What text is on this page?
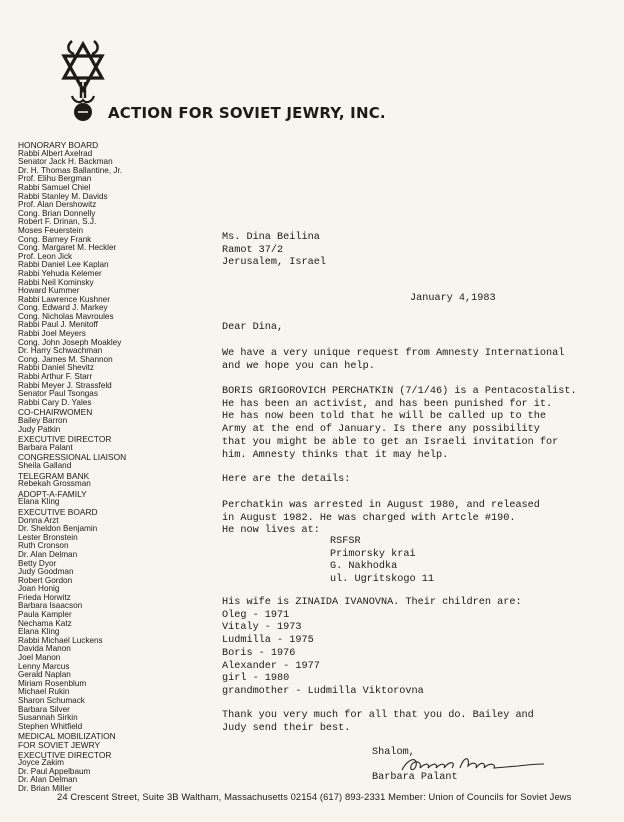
ACTION FOR SOVIET JEWRY, INC.
HONORARY BOARD
Rabbi Albert Axelrad
Senator Jack H. Backman
Dr. H. Thomas Ballantine, Jr.
Prof. Elihu Bergman
Rabbi Samuel Chiel
Rabbi Stanley M. Davids
Prof. Alan Dershowitz
Cong. Brian Donnelly
Robert F. Drinan, S.J.
Moses Feuerstein
Cong. Barney Frank
Cong. Margaret M. Heckler
Prof. Leon Jick
Rabbi Daniel Lee Kaplan
Rabbi Yehuda Kelemer
Rabbi Neil Kominsky
Howard Kummer
Rabbi Lawrence Kushner
Cong. Edward J. Markey
Cong. Nicholas Mavroules
Rabbi Paul J. Menitoff
Rabbi Joel Meyers
Cong. John Joseph Moakley
Dr. Harry Schwachman
Cong. James M. Shannon
Rabbi Daniel Shevitz
Rabbi Arthur F. Starr
Rabbi Meyer J. Strassfeld
Senator Paul Tsongas
Rabbi Cary D. Yales
CO-CHAIRWOMEN
Bailey Barron
Judy Patkin
EXECUTIVE DIRECTOR
Barbara Palant
CONGRESSIONAL LIAISON
Sheila Galland
TELEGRAM BANK
Rebekah Grossman
ADOPT-A-FAMILY
Elana Kling
EXECUTIVE BOARD
Donna Arzt
Dr. Sheldon Benjamin
Lester Bronstein
Ruth Cronson
Dr. Alan Delman
Betty Dyor
Judy Goodman
Robert Gordon
Joan Honig
Frieda Horwitz
Barbara Isaacson
Paula Kampler
Nechama Katz
Elana Kling
Rabbi Michael Luckens
Davida Manon
Joel Manon
Lenny Marcus
Gerald Naplan
Miriam Rosenblum
Michael Rukin
Sharon Schumack
Barbara Silver
Susannah Sirkin
Stephen Whitfield
MEDICAL MOBILIZATION
FOR SOVIET JEWRY
EXECUTIVE DIRECTOR
Joyce Zakim
Dr. Paul Appelbaum
Dr. Alan Delman
Dr. Brian Miller
Ms. Dina Beilina
Ramot 37/2
Jerusalem, Israel
January 4,1983
Dear Dina,
We have a very unique request from Amnesty International
and we hope you can help.
BORIS GRIGOROVICH PERCHATKIN (7/1/46) is a Pentacostalist.
He has been an activist, and has been punished for it.
He has now been told that he will be called up to the
Army at the end of January. Is there any possibility
that you might be able to get an Israeli invitation for
him. Amnesty thinks that it may help.
Here are the details:
Perchatkin was arrested in August 1980, and released
in August 1982. He was charged with Artcle #190.
He now lives at:
RSFSR
Primorsky krai
G. Nakhodka
ul. Ugritskogo 11
His wife is ZINAIDA IVANOVNA. Their children are:
Oleg - 1971
Vitaly - 1973
Ludmilla - 1975
Boris - 1976
Alexander - 1977
girl - 1980
grandmother - Ludmilla Viktorovna
Thank you very much for all that you do. Bailey and
Judy send their best.
Shalom,
Barbara Palant
24 Crescent Street, Suite 3B Waltham, Massachusetts 02154 (617) 893-2331 Member: Union of Councils for Soviet Jews
